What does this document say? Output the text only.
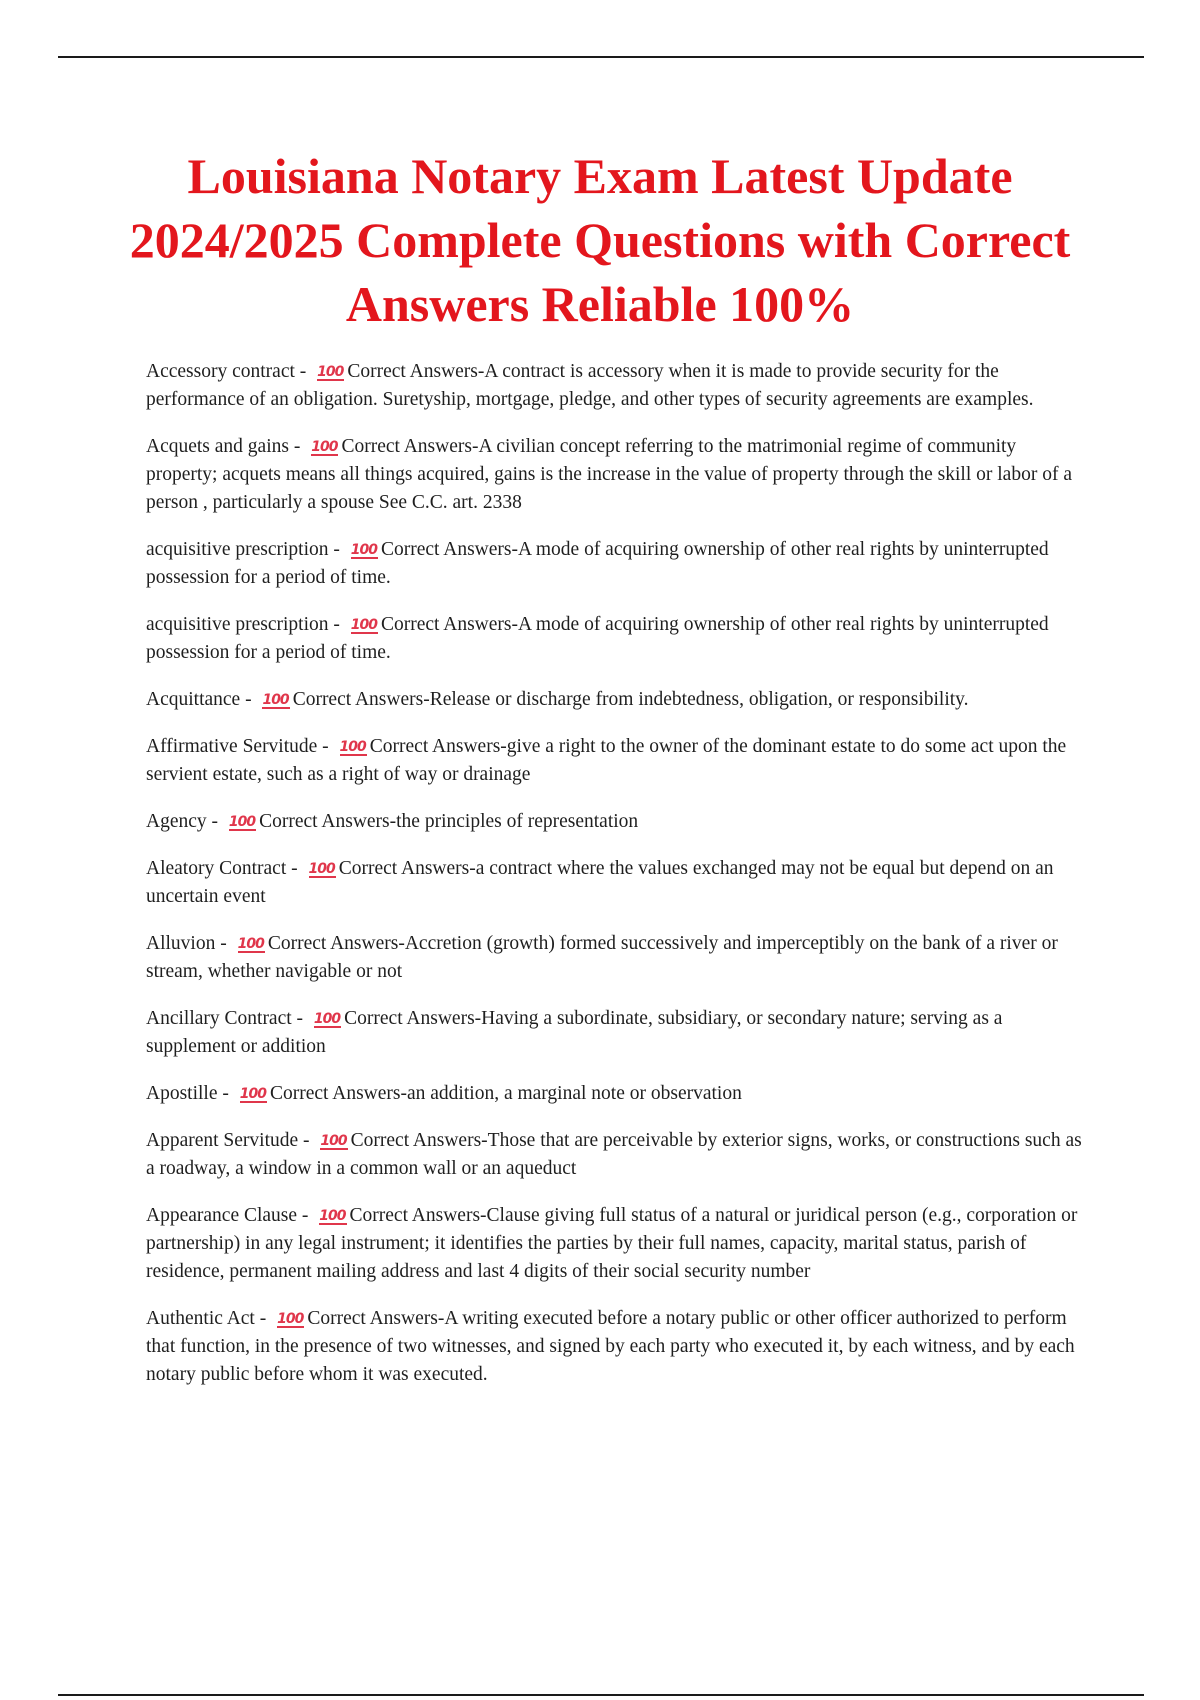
Louisiana Notary Exam Latest Update 2024/2025 Complete Questions with Correct Answers Reliable 100%

Accessory contract - 100 Correct Answers-A contract is accessory when it is made to provide security for the performance of an obligation. Suretyship, mortgage, pledge, and other types of security agreements are examples.

Acquets and gains - 100 Correct Answers-A civilian concept referring to the matrimonial regime of community property; acquets means all things acquired, gains is the increase in the value of property through the skill or labor of a person , particularly a spouse See C.C. art. 2338

acquisitive prescription - 100 Correct Answers-A mode of acquiring ownership of other real rights by uninterrupted possession for a period of time.

acquisitive prescription - 100 Correct Answers-A mode of acquiring ownership of other real rights by uninterrupted possession for a period of time.

Acquittance - 100 Correct Answers-Release or discharge from indebtedness, obligation, or responsibility.

Affirmative Servitude - 100 Correct Answers-give a right to the owner of the dominant estate to do some act upon the servient estate, such as a right of way or drainage

Agency - 100 Correct Answers-the principles of representation

Aleatory Contract - 100 Correct Answers-a contract where the values exchanged may not be equal but depend on an uncertain event

Alluvion - 100 Correct Answers-Accretion (growth) formed successively and imperceptibly on the bank of a river or stream, whether navigable or not

Ancillary Contract - 100 Correct Answers-Having a subordinate, subsidiary, or secondary nature; serving as a supplement or addition

Apostille - 100 Correct Answers-an addition, a marginal note or observation

Apparent Servitude - 100 Correct Answers-Those that are perceivable by exterior signs, works, or constructions such as a roadway, a window in a common wall or an aqueduct

Appearance Clause - 100 Correct Answers-Clause giving full status of a natural or juridical person (e.g., corporation or partnership) in any legal instrument; it identifies the parties by their full names, capacity, marital status, parish of residence, permanent mailing address and last 4 digits of their social security number

Authentic Act - 100 Correct Answers-A writing executed before a notary public or other officer authorized to perform that function, in the presence of two witnesses, and signed by each party who executed it, by each witness, and by each notary public before whom it was executed.
